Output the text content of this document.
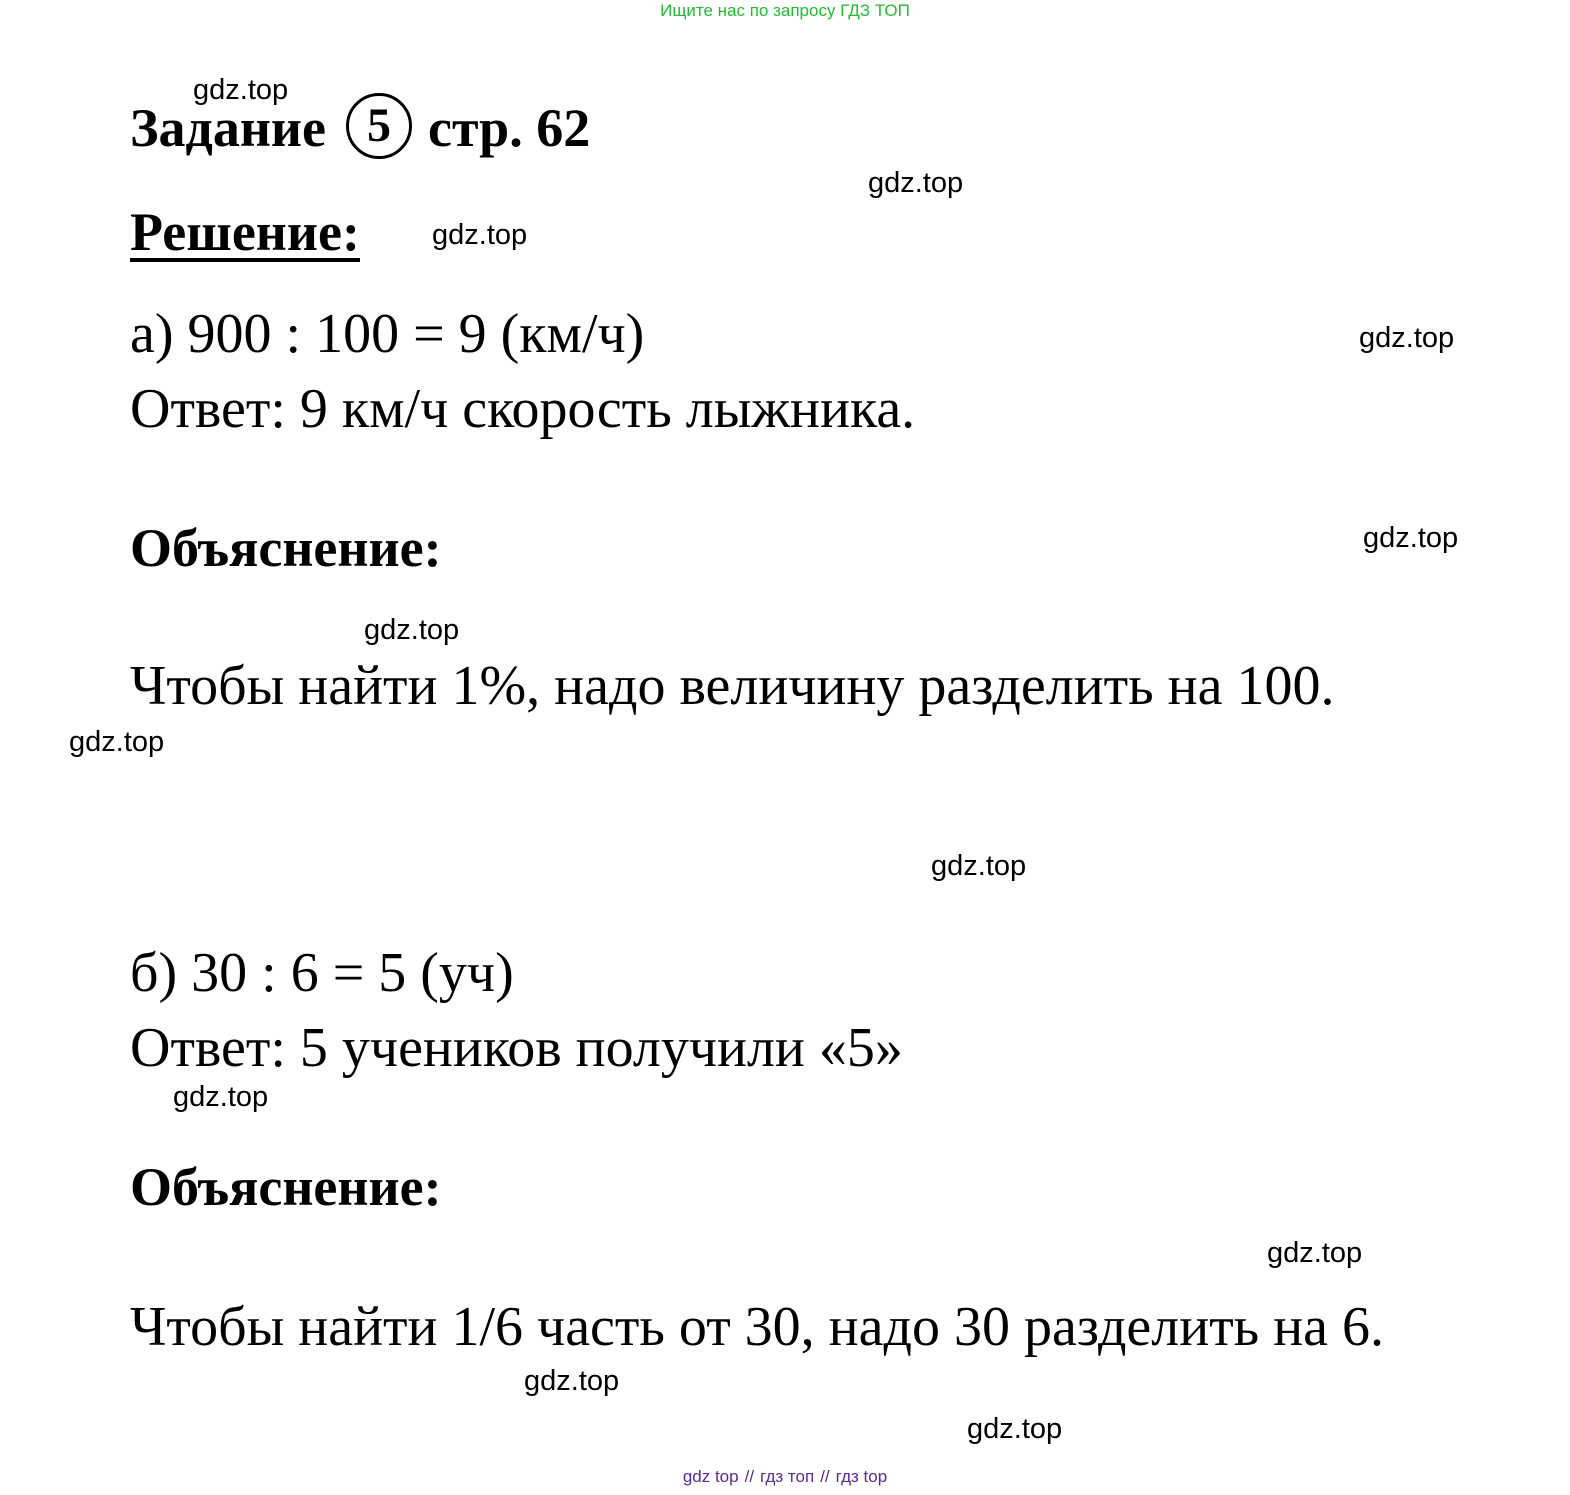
Ищите нас по запросу ГДЗ ТОП
Задание 5 стр. 62
Решение:
а) 900 : 100 = 9 (км/ч)
Ответ: 9 км/ч скорость лыжника.
Объяснение:
Чтобы найти 1%, надо величину разделить на 100.
б) 30 : 6 = 5 (уч)
Ответ: 5 учеников получили «5»
Объяснение:
Чтобы найти 1/6 часть от 30, надо 30 разделить на 6.
gdz.top
gdz.top
gdz.top
gdz.top
gdz.top
gdz.top
gdz.top
gdz.top
gdz.top
gdz.top
gdz.top
gdz.top
gdz top // гдз топ // гдз top
